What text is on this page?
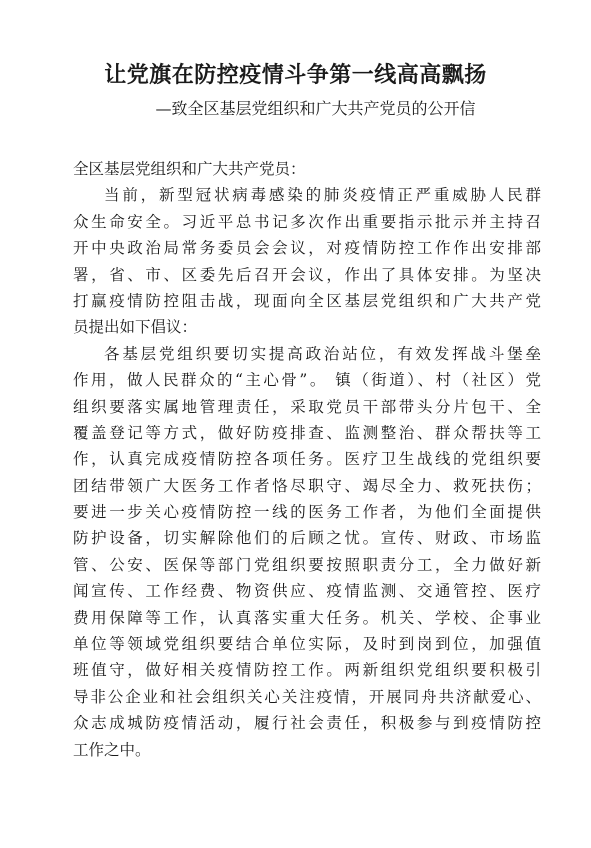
让党旗在防控疫情斗争第一线高高飘扬
—致全区基层党组织和广大共产党员的公开信
全区基层党组织和广大共产党员：
当前，新型冠状病毒感染的肺炎疫情正严重威胁人民群
众生命安全。习近平总书记多次作出重要指示批示并主持召
开中央政治局常务委员会会议，对疫情防控工作作出安排部
署，省、市、区委先后召开会议，作出了具体安排。为坚决
打赢疫情防控阻击战，现面向全区基层党组织和广大共产党
员提出如下倡议：
各基层党组织要切实提高政治站位，有效发挥战斗堡垒
作用，做人民群众的“主心骨”。 镇（街道）、村（社区）党
组织要落实属地管理责任，采取党员干部带头分片包干、全
覆盖登记等方式，做好防疫排查、监测整治、群众帮扶等工
作，认真完成疫情防控各项任务。医疗卫生战线的党组织要
团结带领广大医务工作者恪尽职守、竭尽全力、救死扶伤；
要进一步关心疫情防控一线的医务工作者，为他们全面提供
防护设备，切实解除他们的后顾之忧。宣传、财政、市场监
管、公安、医保等部门党组织要按照职责分工，全力做好新
闻宣传、工作经费、物资供应、疫情监测、交通管控、医疗
费用保障等工作，认真落实重大任务。机关、学校、企事业
单位等领域党组织要结合单位实际，及时到岗到位，加强值
班值守，做好相关疫情防控工作。两新组织党组织要积极引
导非公企业和社会组织关心关注疫情，开展同舟共济献爱心、
众志成城防疫情活动，履行社会责任，积极参与到疫情防控
工作之中。
